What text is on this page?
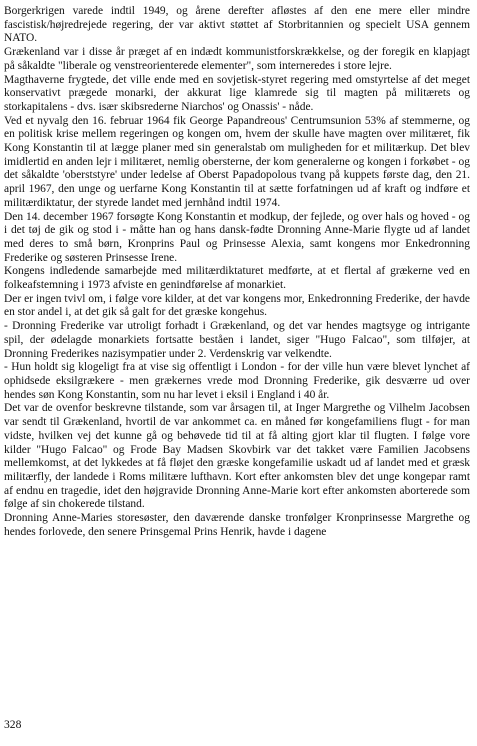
Borgerkrigen varede indtil 1949, og årene derefter afløstes af den ene mere eller mindre fascistisk/højredrejede regering, der var aktivt støttet af Storbritannien og specielt USA gennem NATO.

Grækenland var i disse år præget af en indædt kommunistforskrækkelse, og der foregik en klapjagt på såkaldte "liberale og venstreorienterede elementer", som interneredes i store lejre.

Magthaverne frygtede, det ville ende med en sovjetisk-styret regering med omstyrtelse af det meget konservativt prægede monarki, der akkurat lige klamrede sig til magten på militærets og storkapitalens - dvs. især skibsrederne Niarchos' og Onassis' - nåde.

Ved et nyvalg den 16. februar 1964 fik George Papandreous' Centrumsunion 53% af stemmerne, og en politisk krise mellem regeringen og kongen om, hvem der skulle have magten over militæret, fik Kong Konstantin til at lægge planer med sin generalstab om muligheden for et militærkup. Det blev imidlertid en anden lejr i militæret, nemlig obersterne, der kom generalerne og kongen i forkøbet - og det såkaldte 'oberststyre' under ledelse af Oberst Papadopolous tvang på kuppets første dag, den 21. april 1967, den unge og uerfarne Kong Konstantin til at sætte forfatningen ud af kraft og indføre et militærdiktatur, der styrede landet med jernhånd indtil 1974.

Den 14. december 1967 forsøgte Kong Konstantin et modkup, der fejlede, og over hals og hoved - og i det tøj de gik og stod i - måtte han og hans dansk-fødte Dronning Anne-Marie flygte ud af landet med deres to små børn, Kronprins Paul og Prinsesse Alexia, samt kongens mor Enkedronning Frederike og søsteren Prinsesse Irene.

Kongens indledende samarbejde med militærdiktaturet medførte, at et flertal af grækerne ved en folkeafstemning i 1973 afviste en genindførelse af monarkiet.

Der er ingen tvivl om, i følge vore kilder, at det var kongens mor, Enkedronning Frederike, der havde en stor andel i, at det gik så galt for det græske kongehus.

- Dronning Frederike var utroligt forhadt i Grækenland, og det var hendes magtsyge og intrigante spil, der ødelagde monarkiets fortsatte beståen i landet, siger "Hugo Falcao", som tilføjer, at Dronning Frederikes nazisympatier under 2. Verdenskrig var velkendte.

- Hun holdt sig klogeligt fra at vise sig offentligt i London - for der ville hun være blevet lynchet af ophidsede eksilgrækere - men grækernes vrede mod Dronning Frederike, gik desværre ud over hendes søn Kong Konstantin, som nu har levet i eksil i England i 40 år.

Det var de ovenfor beskrevne tilstande, som var årsagen til, at Inger Margrethe og Vilhelm Jacobsen var sendt til Grækenland, hvortil de var ankommet ca. en måned før kongefamiliens flugt - for man vidste, hvilken vej det kunne gå og behøvede tid til at få alting gjort klar til flugten. I følge vore kilder "Hugo Falcao" og Frode Bay Madsen Skovbirk var det takket være Familien Jacobsens mellemkomst, at det lykkedes at få fløjet den græske kongefamilie uskadt ud af landet med et græsk militærfly, der landede i Roms militære lufthavn. Kort efter ankomsten blev det unge kongepar ramt af endnu en tragedie, idet den højgravide Dronning Anne-Marie kort efter ankomsten aborterede som følge af sin chokerede tilstand.

Dronning Anne-Maries storesøster, den daværende danske tronfølger Kronprinsesse Margrethe og hendes forlovede, den senere Prinsgemal Prins Henrik, havde i dagene

328
